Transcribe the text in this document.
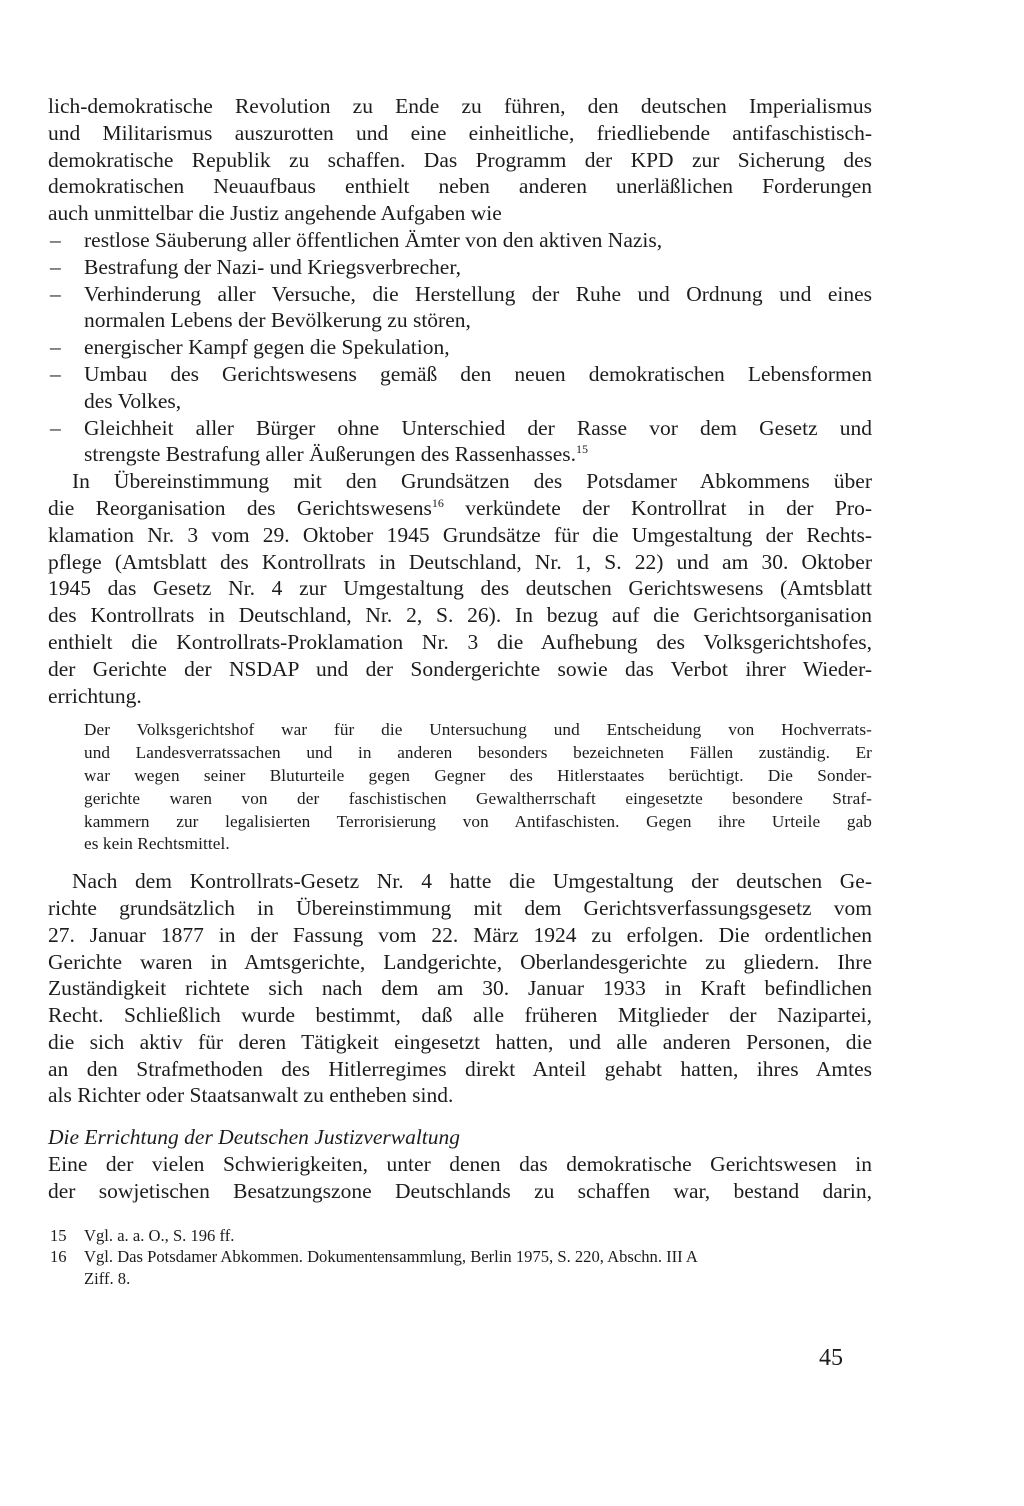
lich-demokratische Revolution zu Ende zu führen, den deutschen Imperialismus
und Militarismus auszurotten und eine einheitliche, friedliebende antifaschistisch-
demokratische Republik zu schaffen. Das Programm der KPD zur Sicherung des
demokratischen Neuaufbaus enthielt neben anderen unerläßlichen Forderungen
auch unmittelbar die Justiz angehende Aufgaben wie
– restlose Säuberung aller öffentlichen Ämter von den aktiven Nazis,
– Bestrafung der Nazi- und Kriegsverbrecher,
– Verhinderung aller Versuche, die Herstellung der Ruhe und Ordnung und eines
normalen Lebens der Bevölkerung zu stören,
– energischer Kampf gegen die Spekulation,
– Umbau des Gerichtswesens gemäß den neuen demokratischen Lebensformen
des Volkes,
– Gleichheit aller Bürger ohne Unterschied der Rasse vor dem Gesetz und
strengste Bestrafung aller Äußerungen des Rassenhasses.$^{15}$
In Übereinstimmung mit den Grundsätzen des Potsdamer Abkommens über
die Reorganisation des Gerichtswesens$^{16}$ verkündete der Kontrollrat in der Pro-
klamation Nr. 3 vom 29. Oktober 1945 Grundsätze für die Umgestaltung der Rechts-
pflege (Amtsblatt des Kontrollrats in Deutschland, Nr. 1, S. 22) und am 30. Oktober
1945 das Gesetz Nr. 4 zur Umgestaltung des deutschen Gerichtswesens (Amtsblatt
des Kontrollrats in Deutschland, Nr. 2, S. 26). In bezug auf die Gerichtsorganisation
enthielt die Kontrollrats-Proklamation Nr. 3 die Aufhebung des Volksgerichtshofes,
der Gerichte der NSDAP und der Sondergerichte sowie das Verbot ihrer Wieder-
errichtung.
Der Volksgerichtshof war für die Untersuchung und Entscheidung von Hochverrats-
und Landesverratssachen und in anderen besonders bezeichneten Fällen zuständig. Er
war wegen seiner Bluturteile gegen Gegner des Hitlerstaates berüchtigt. Die Sonder-
gerichte waren von der faschistischen Gewaltherrschaft eingesetzte besondere Straf-
kammern zur legalisierten Terrorisierung von Antifaschisten. Gegen ihre Urteile gab
es kein Rechtsmittel.
Nach dem Kontrollrats-Gesetz Nr. 4 hatte die Umgestaltung der deutschen Ge-
richte grundsätzlich in Übereinstimmung mit dem Gerichtsverfassungsgesetz vom
27. Januar 1877 in der Fassung vom 22. März 1924 zu erfolgen. Die ordentlichen
Gerichte waren in Amtsgerichte, Landgerichte, Oberlandesgerichte zu gliedern. Ihre
Zuständigkeit richtete sich nach dem am 30. Januar 1933 in Kraft befindlichen
Recht. Schließlich wurde bestimmt, daß alle früheren Mitglieder der Nazipartei,
die sich aktiv für deren Tätigkeit eingesetzt hatten, und alle anderen Personen, die
an den Strafmethoden des Hitlerregimes direkt Anteil gehabt hatten, ihres Amtes
als Richter oder Staatsanwalt zu entheben sind.
Die Errichtung der Deutschen Justizverwaltung
Eine der vielen Schwierigkeiten, unter denen das demokratische Gerichtswesen in
der sowjetischen Besatzungszone Deutschlands zu schaffen war, bestand darin,
15 Vgl. a. a. O., S. 196 ff.
16 Vgl. Das Potsdamer Abkommen. Dokumentensammlung, Berlin 1975, S. 220, Abschn. III A
Ziff. 8.
45
